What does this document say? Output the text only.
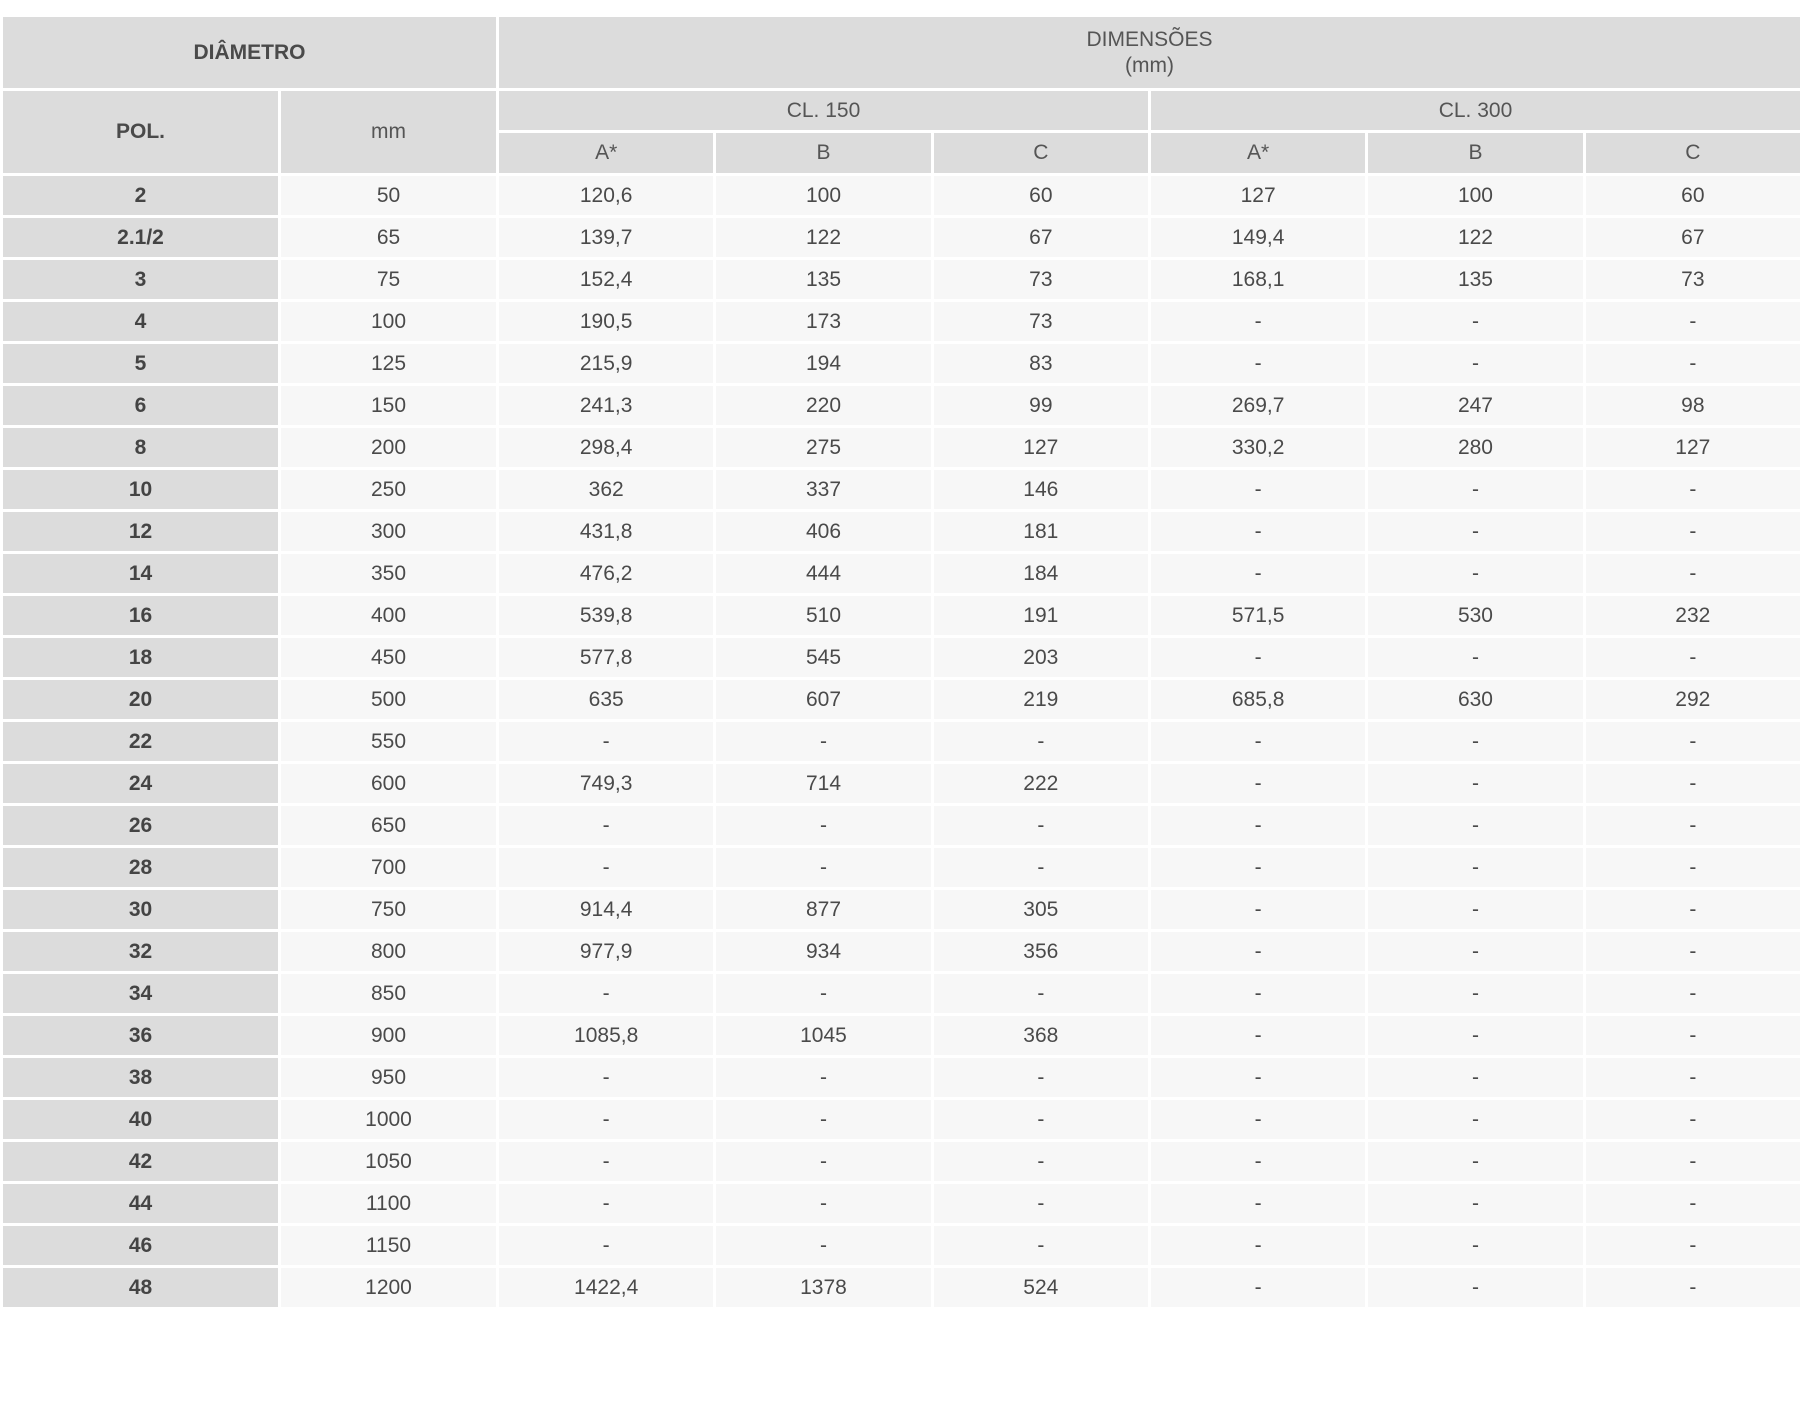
DIÂMETRO		DIMENSÕES
(mm)					

POL.	mm	CL. 150			CL. 300		
		A*	B	C	A*	B	C
2	50	120,6	100	60	127	100	60
2.1/2	65	139,7	122	67	149,4	122	67
3	75	152,4	135	73	168,1	135	73
4	100	190,5	173	73	-	-	-
5	125	215,9	194	83	-	-	-
6	150	241,3	220	99	269,7	247	98
8	200	298,4	275	127	330,2	280	127
10	250	362	337	146	-	-	-
12	300	431,8	406	181	-	-	-
14	350	476,2	444	184	-	-	-
16	400	539,8	510	191	571,5	530	232
18	450	577,8	545	203	-	-	-
20	500	635	607	219	685,8	630	292
22	550	-	-	-	-	-	-
24	600	749,3	714	222	-	-	-
26	650	-	-	-	-	-	-
28	700	-	-	-	-	-	-
30	750	914,4	877	305	-	-	-
32	800	977,9	934	356	-	-	-
34	850	-	-	-	-	-	-
36	900	1085,8	1045	368	-	-	-
38	950	-	-	-	-	-	-
40	1000	-	-	-	-	-	-
42	1050	-	-	-	-	-	-
44	1100	-	-	-	-	-	-
46	1150	-	-	-	-	-	-
48	1200	1422,4	1378	524	-	-	-
